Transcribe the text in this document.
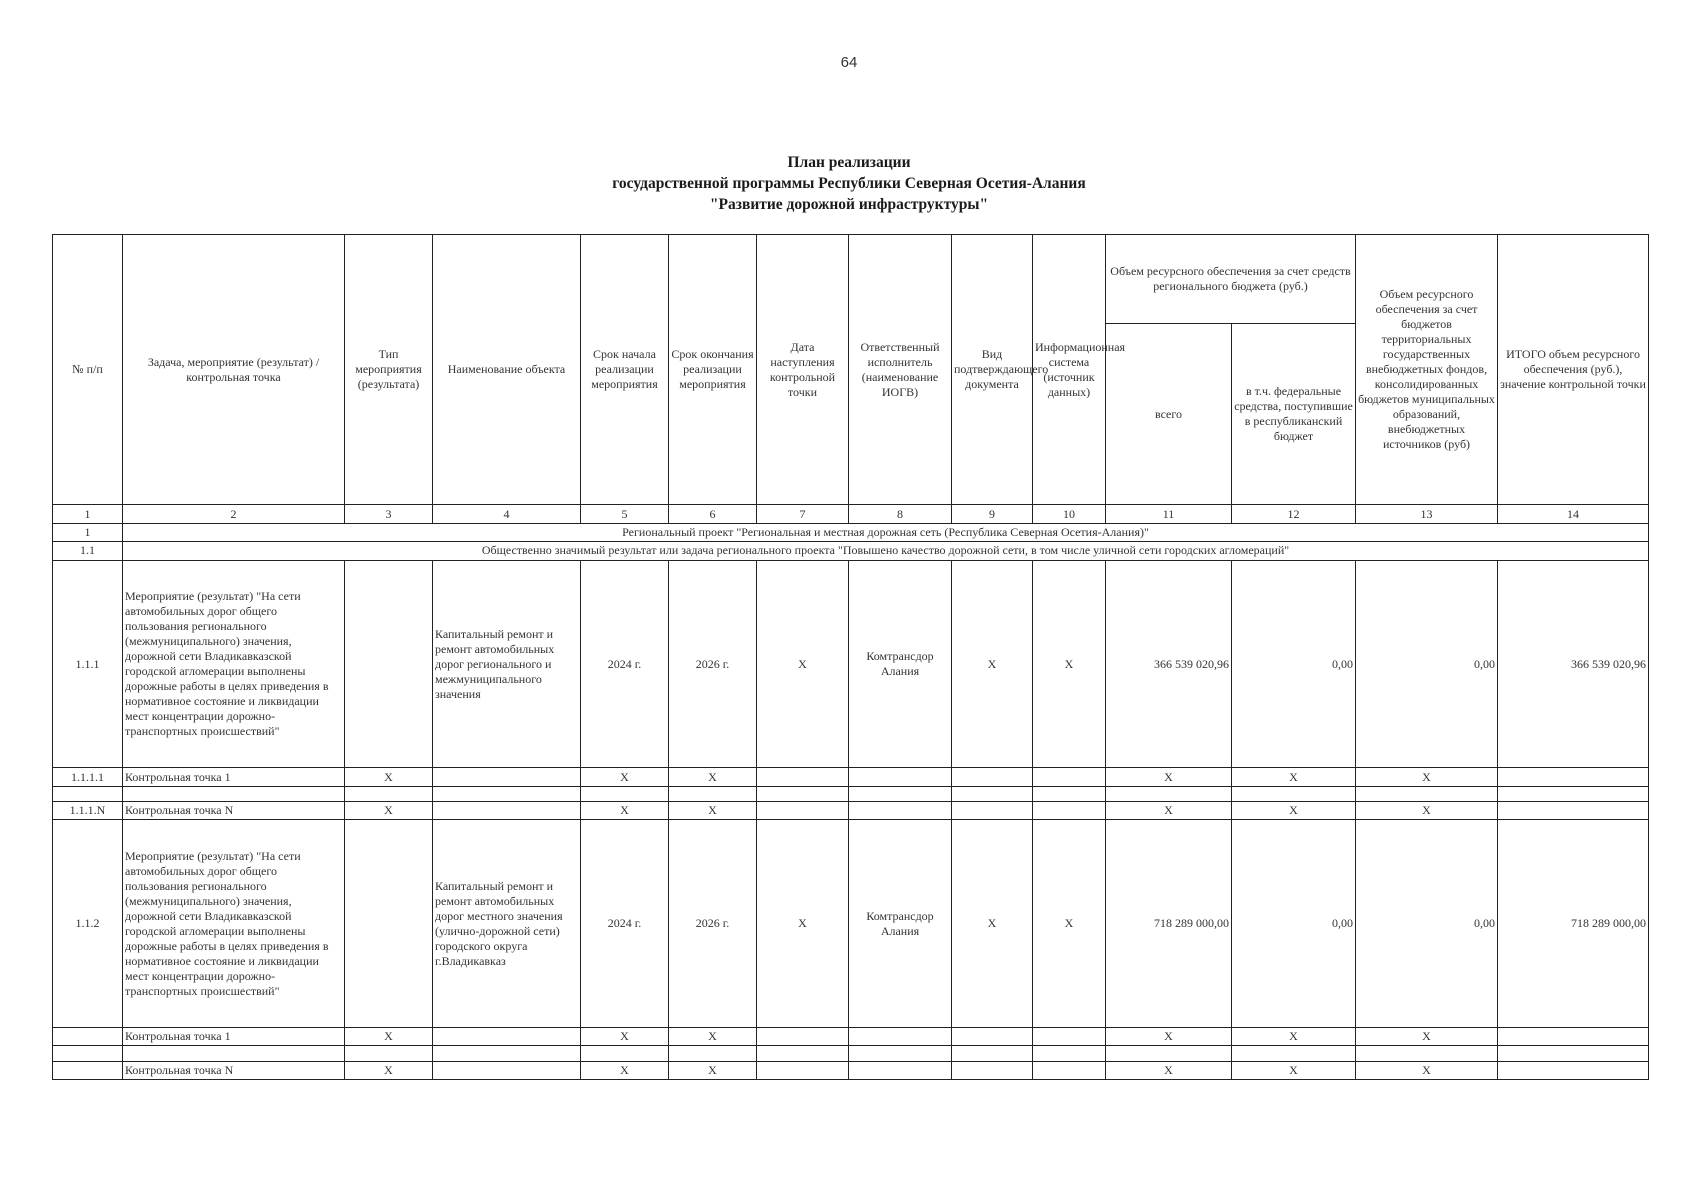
64
План реализации
государственной программы Республики Северная Осетия-Алания
"Развитие дорожной инфраструктуры"
№ п/п	Задача, мероприятие (результат) / контрольная точка	Тип мероприятия (результата)	Наименование объекта	Срок начала реализации мероприятия	Срок окончания реализации мероприятия	Дата наступления контрольной точки	Ответственный исполнитель (наименование ИОГВ)	Вид подтверждающего документа	Информационная система (источник данных)	Объем ресурсного обеспечения за счет средств регионального бюджета (руб.)		Объем ресурсного обеспечения за счет бюджетов территориальных государственных внебюджетных фондов, консолидированных бюджетов муниципальных образований, внебюджетных источников (руб)	ИТОГО объем ресурсного обеспечения (руб.), значение контрольной точки
										всего	в т.ч. федеральные средства, поступившие в республиканский бюджет		
1	2	3	4	5	6	7	8	9	10	11	12	13	14
1	Региональный проект "Региональная и местная дорожная сеть (Республика Северная Осетия-Алания)"												
1.1	Общественно значимый результат или задача регионального проекта "Повышено качество дорожной сети, в том числе уличной сети городских агломераций"												
1.1.1	Мероприятие (результат) "На сети автомобильных дорог общего пользования регионального (межмуниципального) значения, дорожной сети Владикавказской городской агломерации выполнены дорожные работы в целях приведения в нормативное состояние и ликвидации мест концентрации дорожно-транспортных происшествий"		Капитальный ремонт и ремонт автомобильных дорог регионального и межмуниципального значения	2024 г.	2026 г.	X	Комтрансдор Алания	X	X	366 539 020,96	0,00	0,00	366 539 020,96
1.1.1.1	Контрольная точка 1	X		X	X					X	X	X	

1.1.1.N	Контрольная точка N	X		X	X					X	X	X	
1.1.2	Мероприятие (результат) "На сети автомобильных дорог общего пользования регионального (межмуниципального) значения, дорожной сети Владикавказской городской агломерации выполнены дорожные работы в целях приведения в нормативное состояние и ликвидации мест концентрации дорожно-транспортных происшествий"		Капитальный ремонт и ремонт автомобильных дорог местного значения (улично-дорожной сети) городского округа г.Владикавказ	2024 г.	2026 г.	X	Комтрансдор Алания	X	X	718 289 000,00	0,00	0,00	718 289 000,00
	Контрольная точка 1	X		X	X					X	X	X	

	Контрольная точка N	X		X	X					X	X	X	
